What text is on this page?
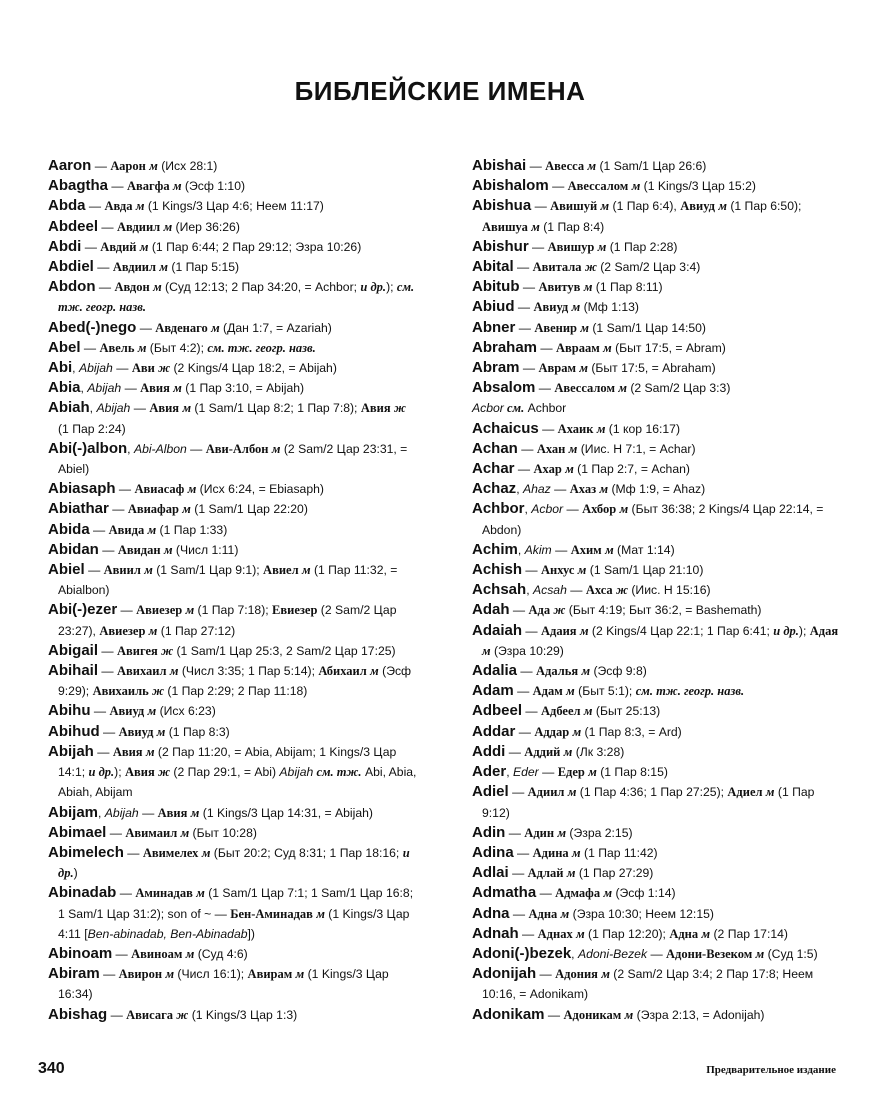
БИБЛЕЙСКИЕ ИМЕНА
Aaron — Аарон м (Исх 28:1)
Abagtha — Авагфа м (Эсф 1:10)
Abda — Авда м (1 Kings/3 Цар 4:6; Неем 11:17)
Abdeel — Авдиил м (Иер 36:26)
Abdi — Авдий м (1 Пар 6:44; 2 Пар 29:12; Эзра 10:26)
Abdiel — Авдиил м (1 Пар 5:15)
Abdon — Авдон м (Суд 12:13; 2 Пар 34:20, = Achbor; и др.); см. тж. геогр. назв.
Abed(-)nego — Авденаго м (Дан 1:7, = Azariah)
Abel — Авель м (Быт 4:2); см. тж. геогр. назв.
Abi, Abijah — Ави ж (2 Kings/4 Цар 18:2, = Abijah)
Abia, Abijah — Авия м (1 Пар 3:10, = Abijah)
Abiah, Abijah — Авия м (1 Sam/1 Цар 8:2; 1 Пар 7:8); Авия ж (1 Пар 2:24)
Abi(-)albon, Abi-Albon — Ави-Албон м (2 Sam/2 Цар 23:31, = Abiel)
Abiasaph — Авиасаф м (Исх 6:24, = Ebiasaph)
Abiathar — Авиафар м (1 Sam/1 Цар 22:20)
Abida — Авида м (1 Пар 1:33)
Abidan — Авидан м (Числ 1:11)
Abiel — Авиил м (1 Sam/1 Цар 9:1); Авиел м (1 Пар 11:32, = Abialbon)
Abi(-)ezer — Авиезер м (1 Пар 7:18); Евиезер (2 Sam/2 Цар 23:27), Авиезер м (1 Пар 27:12)
Abigail — Авигея ж (1 Sam/1 Цар 25:3, 2 Sam/2 Цар 17:25)
Abihail — Авихаил м (Числ 3:35; 1 Пар 5:14); Абихаил м (Эсф 9:29); Авихаиль ж (1 Пар 2:29; 2 Пар 11:18)
Abihu — Авиуд м (Исх 6:23)
Abihud — Авиуд м (1 Пар 8:3)
Abijah — Авия м (2 Пар 11:20, = Abia, Abijam; 1 Kings/3 Цар 14:1; и др.); Авия ж (2 Пар 29:1, = Abi) Abijah см. тж. Abi, Abia, Abiah, Abijam
Abijam, Abijah — Авия м (1 Kings/3 Цар 14:31, = Abijah)
Abimael — Авимаил м (Быт 10:28)
Abimelech — Авимелех м (Быт 20:2; Суд 8:31; 1 Пар 18:16; и др.)
Abinadab — Аминадав м (1 Sam/1 Цар 7:1; 1 Sam/1 Цар 16:8; 1 Sam/1 Цар 31:2); son of ~ — Бен-Аминадав м (1 Kings/3 Цар 4:11 [Ben-abinadab, Ben-Abinadab])
Abinoam — Авиноам м (Суд 4:6)
Abiram — Авирон м (Числ 16:1); Авирам м (1 Kings/3 Цар 16:34)
Abishag — Ависага ж (1 Kings/3 Цар 1:3)
Abishai — Авесса м (1 Sam/1 Цар 26:6)
Abishalom — Авессалом м (1 Kings/3 Цар 15:2)
Abishua — Авишуй м (1 Пар 6:4), Авиуд м (1 Пар 6:50); Авишуа м (1 Пар 8:4)
Abishur — Авишур м (1 Пар 2:28)
Abital — Авитала ж (2 Sam/2 Цар 3:4)
Abitub — Авитув м (1 Пар 8:11)
Abiud — Авиуд м (Мф 1:13)
Abner — Авенир м (1 Sam/1 Цар 14:50)
Abraham — Авраам м (Быт 17:5, = Abram)
Abram — Аврам м (Быт 17:5, = Abraham)
Absalom — Авессалом м (2 Sam/2 Цар 3:3)
Acbor см. Achbor
Achaicus — Ахаик м (1 кор 16:17)
Achan — Ахан м (Иис. Н 7:1, = Achar)
Achar — Ахар м (1 Пар 2:7, = Achan)
Achaz, Ahaz — Ахаз м (Мф 1:9, = Ahaz)
Achbor, Acbor — Ахбор м (Быт 36:38; 2 Kings/4 Цар 22:14, = Abdon)
Achim, Akim — Ахим м (Мат 1:14)
Achish — Анхус м (1 Sam/1 Цар 21:10)
Achsah, Acsah — Ахса ж (Иис. Н 15:16)
Adah — Ада ж (Быт 4:19; Быт 36:2, = Bashemath)
Adaiah — Адаия м (2 Kings/4 Цар 22:1; 1 Пар 6:41; и др.); Адая м (Эзра 10:29)
Adalia — Адалья м (Эсф 9:8)
Adam — Адам м (Быт 5:1); см. тж. геогр. назв.
Adbeel — Адбеел м (Быт 25:13)
Addar — Аддар м (1 Пар 8:3, = Ard)
Addi — Аддий м (Лк 3:28)
Ader, Eder — Едер м (1 Пар 8:15)
Adiel — Адиил м (1 Пар 4:36; 1 Пар 27:25); Адиел м (1 Пар 9:12)
Adin — Адин м (Эзра 2:15)
Adina — Адина м (1 Пар 11:42)
Adlai — Адлай м (1 Пар 27:29)
Admatha — Адмафа м (Эсф 1:14)
Adna — Адна м (Эзра 10:30; Неем 12:15)
Adnah — Аднах м (1 Пар 12:20); Адна м (2 Пар 17:14)
Adoni(-)bezek, Adoni-Bezek — Адони-Везеком м (Суд 1:5)
Adonijah — Адония м (2 Sam/2 Цар 3:4; 2 Пар 17:8; Неем 10:16, = Adonikam)
Adonikam — Адоникам м (Эзра 2:13, = Adonijah)
340	Предварительное издание
